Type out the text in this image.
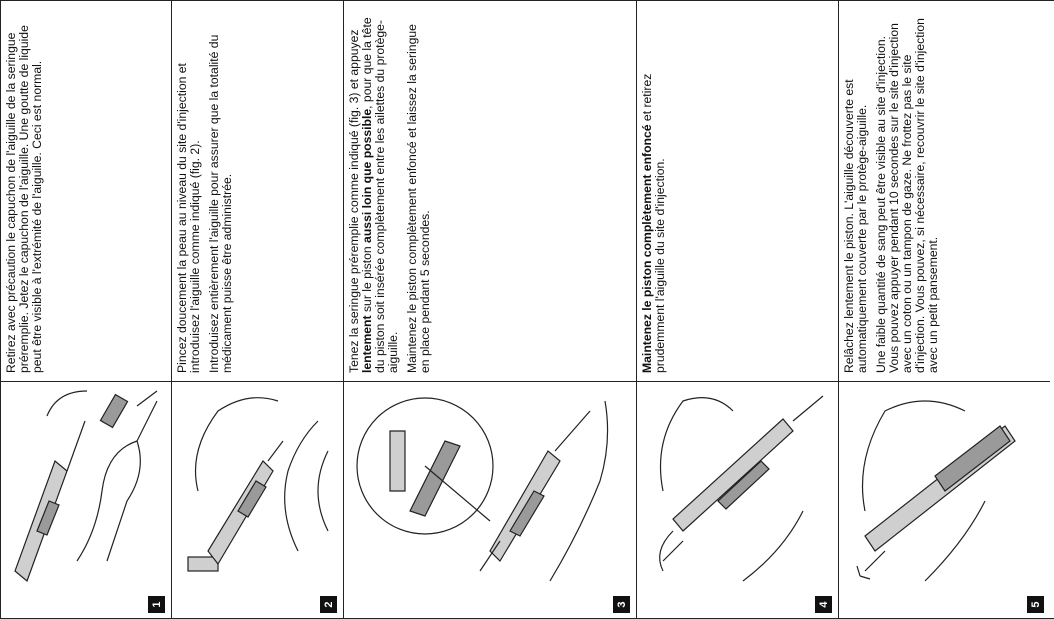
1

Retirez avec précaution le capuchon de l'aiguille de la seringue préremplie. Jetez le capuchon de l'aiguille. Une goutte de liquide peut être visible à l'extrémité de l'aiguille. Ceci est normal.

2

Pincez doucement la peau au niveau du site d'injection et introduisez l'aiguille comme indiqué (fig. 2). Introduisez entièrement l'aiguille pour assurer que la totalité du médicament puisse être administrée.

3

Tenez la seringue préremplie comme indiqué (fig. 3) et appuyez lentement sur le piston aussi loin que possible, pour que la tête du piston soit insérée complètement entre les ailettes du protège-aiguille. Maintenez le piston complètement enfoncé et laissez la seringue en place pendant 5 secondes.

4

Maintenez le piston complètement enfoncé et retirez prudemment l'aiguille du site d'injection.

5

Relâchez lentement le piston. L'aiguille découverte est automatiquement couverte par le protège-aiguille. Une faible quantité de sang peut être visible au site d'injection. Vous pouvez appuyer pendant 10 secondes sur le site d'injection avec un coton ou un tampon de gaze. Ne frottez pas le site d'injection. Vous pouvez, si nécessaire, recouvrir le site d'injection avec un petit pansement.
